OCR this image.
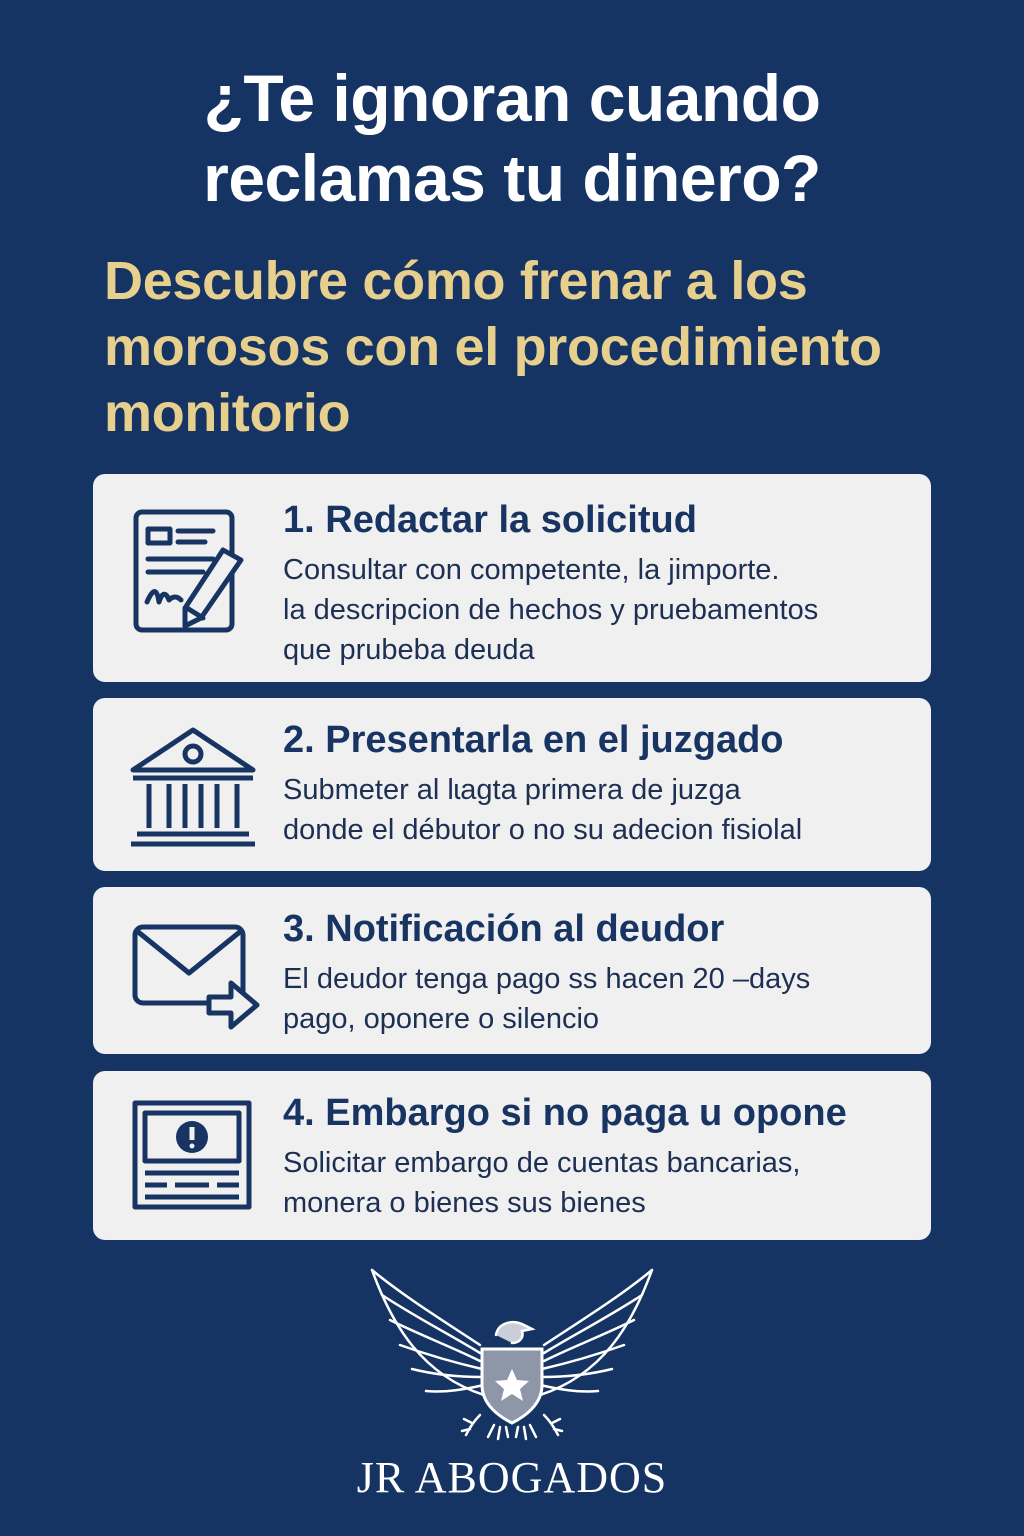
¿Te ignoran cuando
reclamas tu dinero?
Descubre cómo frenar a los
morosos con el procedimiento
monitorio
1. Redactar la solicitud

Consultar con competente, la jimporte.
la descripcion de hechos y pruebamentos
que prubeba deuda

2. Presentarla en el juzgado

Submeter al lɩagta primera de juzga
donde el débutor o no su adecion fisiolal

3. Notificación al deudor

El deudor tenga pago ss hacen 20 –days
pago, oponere o silencio

4. Embargo si no paga u opone

Solicitar embargo de cuentas bancarias,
monera o bienes sus bienes

JR ABOGADOS
